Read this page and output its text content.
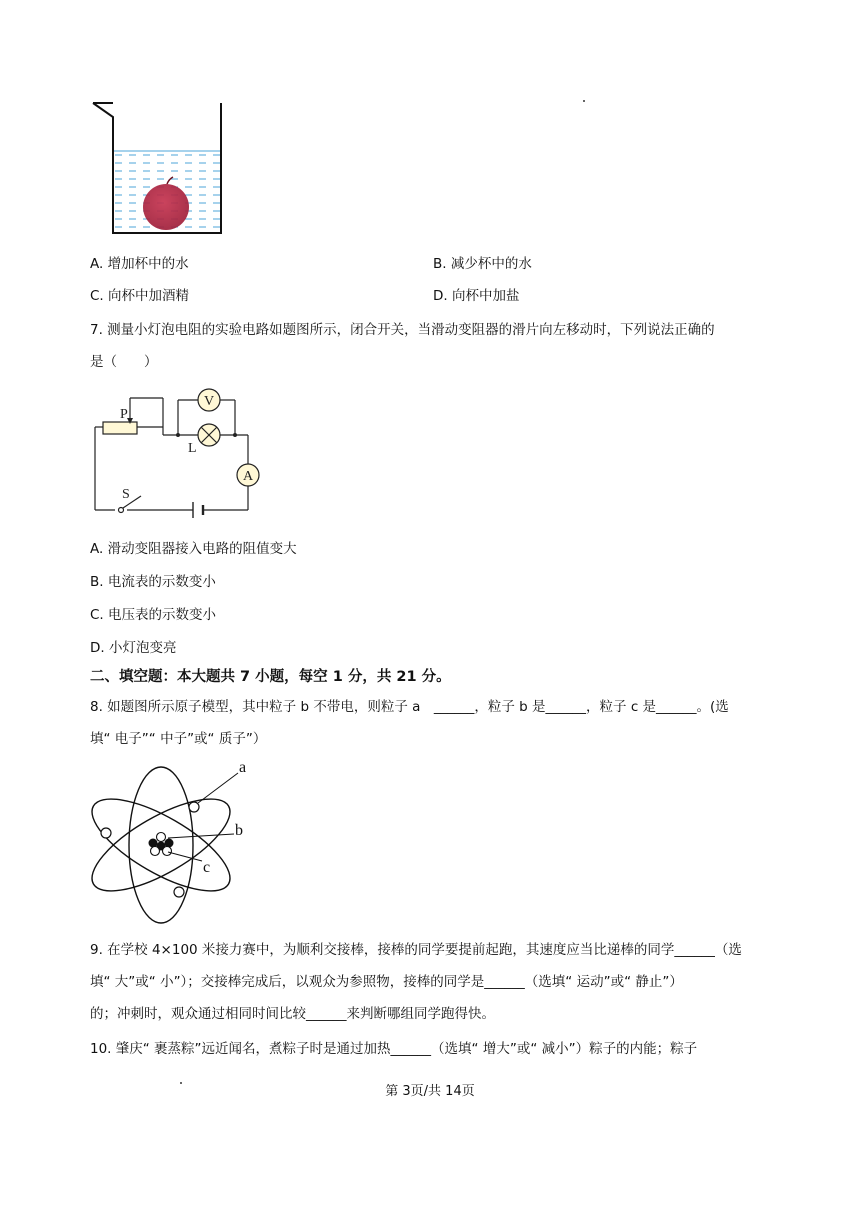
A. 增加杯中的水	B. 减少杯中的水
C. 向杯中加酒精	D. 向杯中加盐
7. 测量小灯泡电阻的实验电路如题图所示，闭合开关，当滑动变阻器的滑片向左移动时，下列说法正确的
是（　　）
P
V
L
A
S
A. 滑动变阻器接入电路的阻值变大
B. 电流表的示数变小
C. 电压表的示数变小
D. 小灯泡变亮
二、填空题：本大题共 7 小题，每空 1 分，共 21 分。
8. 如题图所示原子模型，其中粒子 b 不带电，则粒子 a　______，粒子 b 是______，粒子 c 是______。(选
填“ 电子”“ 中子”或“ 质子”）
a
b
c
9. 在学校 4×100 米接力赛中，为顺利交接棒，接棒的同学要提前起跑，其速度应当比递棒的同学______（选
填“ 大”或“ 小”）；交接棒完成后，以观众为参照物，接棒的同学是______（选填“ 运动”或“ 静止”）
的；冲刺时，观众通过相同时间比较______来判断哪组同学跑得快。
10. 肇庆“ 裹蒸粽”远近闻名，煮粽子时是通过加热______（选填“ 增大”或“ 减小”）粽子的内能；粽子
第 3页/共 14页
